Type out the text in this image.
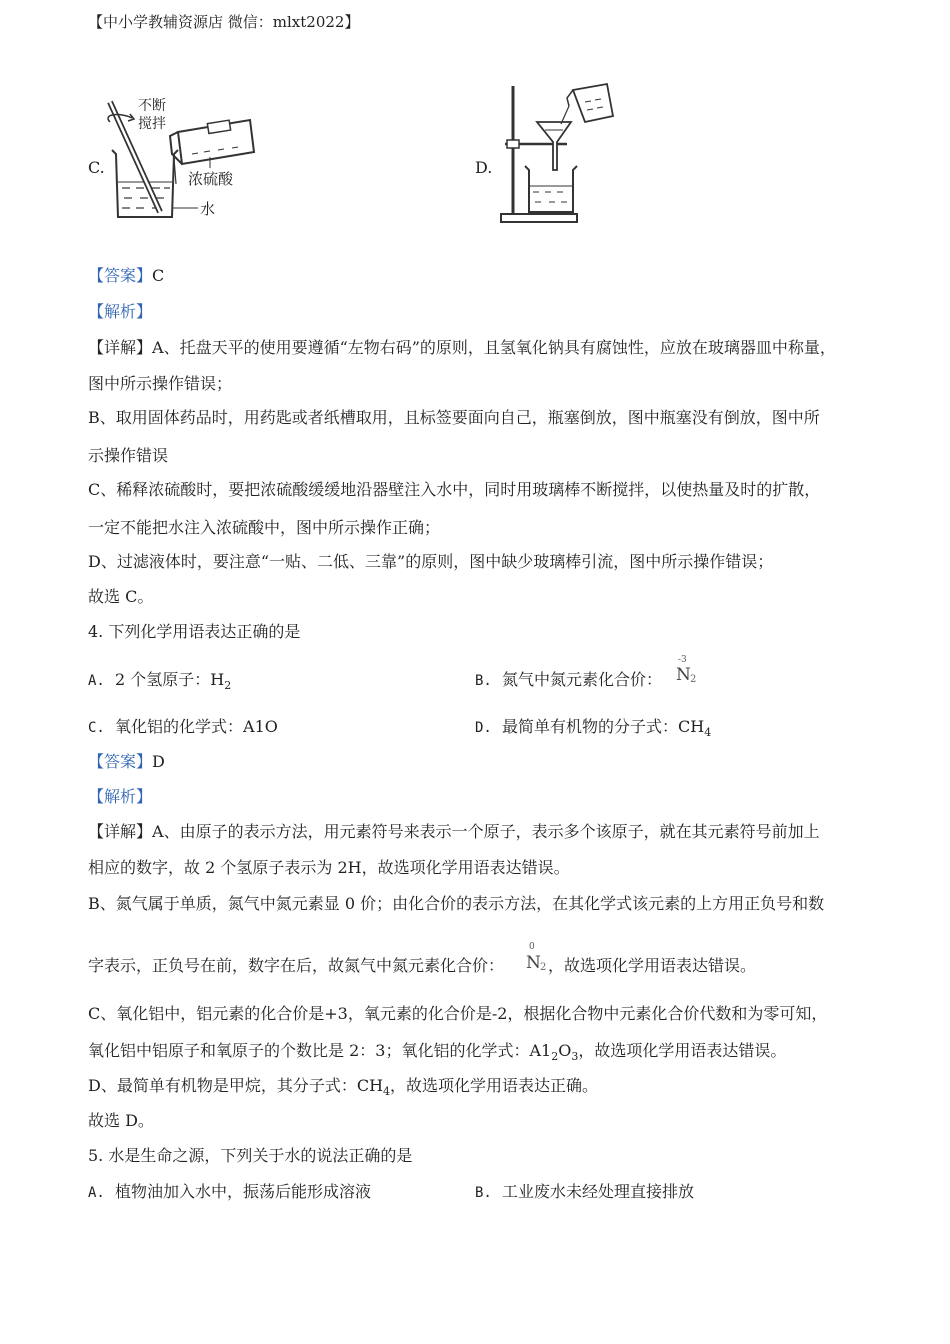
【中小学教辅资源店 微信：mlxt2022】
C.
不断
搅拌
浓硫酸
水
D.
【答案】C
【解析】
【详解】A、托盘天平的使用要遵循“左物右码”的原则，且氢氧化钠具有腐蚀性，应放在玻璃器皿中称量，
图中所示操作错误；
B、取用固体药品时，用药匙或者纸槽取用，且标签要面向自己，瓶塞倒放，图中瓶塞没有倒放，图中所
示操作错误
C、稀释浓硫酸时，要把浓硫酸缓缓地沿器壁注入水中，同时用玻璃棒不断搅拌，以使热量及时的扩散，
一定不能把水注入浓硫酸中，图中所示操作正确；
D、过滤液体时，要注意“一贴、二低、三靠”的原则，图中缺少玻璃棒引流，图中所示操作错误；
故选 C。
4. 下列化学用语表达正确的是
A. 2 个氢原子：$H_2$	B. 氮气中氮元素化合价：
-3
N 2
C. 氧化铝的化学式：A1O	D. 最简单有机物的分子式：$CH_4$
【答案】D
【解析】
【详解】A、由原子的表示方法，用元素符号来表示一个原子，表示多个该原子，就在其元素符号前加上
相应的数字，故 2 个氢原子表示为 2H，故选项化学用语表达错误。
B、氮气属于单质，氮气中氮元素显 0 价；由化合价的表示方法，在其化学式该元素的上方用正负号和数
字表示，正负号在前，数字在后，故氮气中氮元素化合价：	，故选项化学用语表达错误。
0
N 2
C、氧化铝中，铝元素的化合价是+3，氧元素的化合价是-2，根据化合物中元素化合价代数和为零可知，
氧化铝中铝原子和氧原子的个数比是 2：3；氧化铝的化学式：$A1_2O_3$，故选项化学用语表达错误。
D、最简单有机物是甲烷，其分子式：$CH_4$，故选项化学用语表达正确。
故选 D。
5. 水是生命之源，下列关于水的说法正确的是
A. 植物油加入水中，振荡后能形成溶液	B. 工业废水未经处理直接排放
